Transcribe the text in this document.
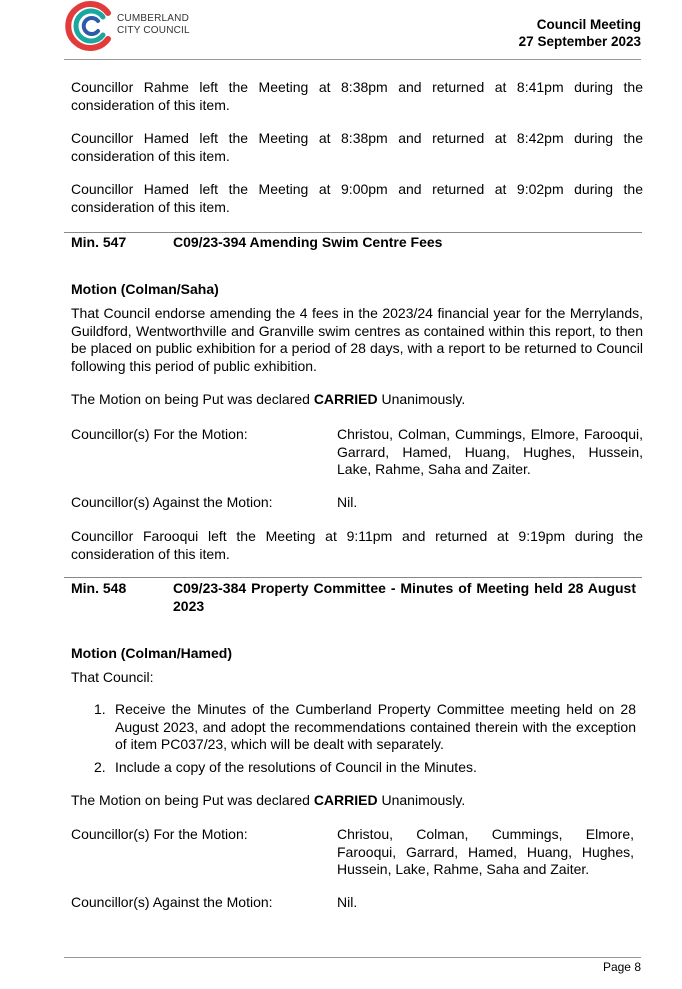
CUMBERLAND
CITY COUNCIL	Council Meeting
27 September 2023

Councillor Rahme left the Meeting at 8:38pm and returned at 8:41pm during the consideration of this item.

Councillor Hamed left the Meeting at 8:38pm and returned at 8:42pm during the consideration of this item.

Councillor Hamed left the Meeting at 9:00pm and returned at 9:02pm during the consideration of this item.

Min. 547	C09/23-394 Amending Swim Centre Fees

Motion (Colman/Saha)

That Council endorse amending the 4 fees in the 2023/24 financial year for the Merrylands, Guildford, Wentworthville and Granville swim centres as contained within this report, to then be placed on public exhibition for a period of 28 days, with a report to be returned to Council following this period of public exhibition.

The Motion on being Put was declared CARRIED Unanimously.

Councillor(s) For the Motion:	Christou, Colman, Cummings, Elmore, Farooqui, Garrard, Hamed, Huang, Hughes, Hussein, Lake, Rahme, Saha and Zaiter.
Councillor(s) Against the Motion:	Nil.

Councillor Farooqui left the Meeting at 9:11pm and returned at 9:19pm during the consideration of this item.

Min. 548	C09/23-384 Property Committee - Minutes of Meeting held 28 August 2023

Motion (Colman/Hamed)

That Council:

1. Receive the Minutes of the Cumberland Property Committee meeting held on 28 August 2023, and adopt the recommendations contained therein with the exception of item PC037/23, which will be dealt with separately.
2. Include a copy of the resolutions of Council in the Minutes.

The Motion on being Put was declared CARRIED Unanimously.

Councillor(s) For the Motion:	Christou, Colman, Cummings, Elmore, Farooqui, Garrard, Hamed, Huang, Hughes, Hussein, Lake, Rahme, Saha and Zaiter.
Councillor(s) Against the Motion:	Nil.
Page 8
